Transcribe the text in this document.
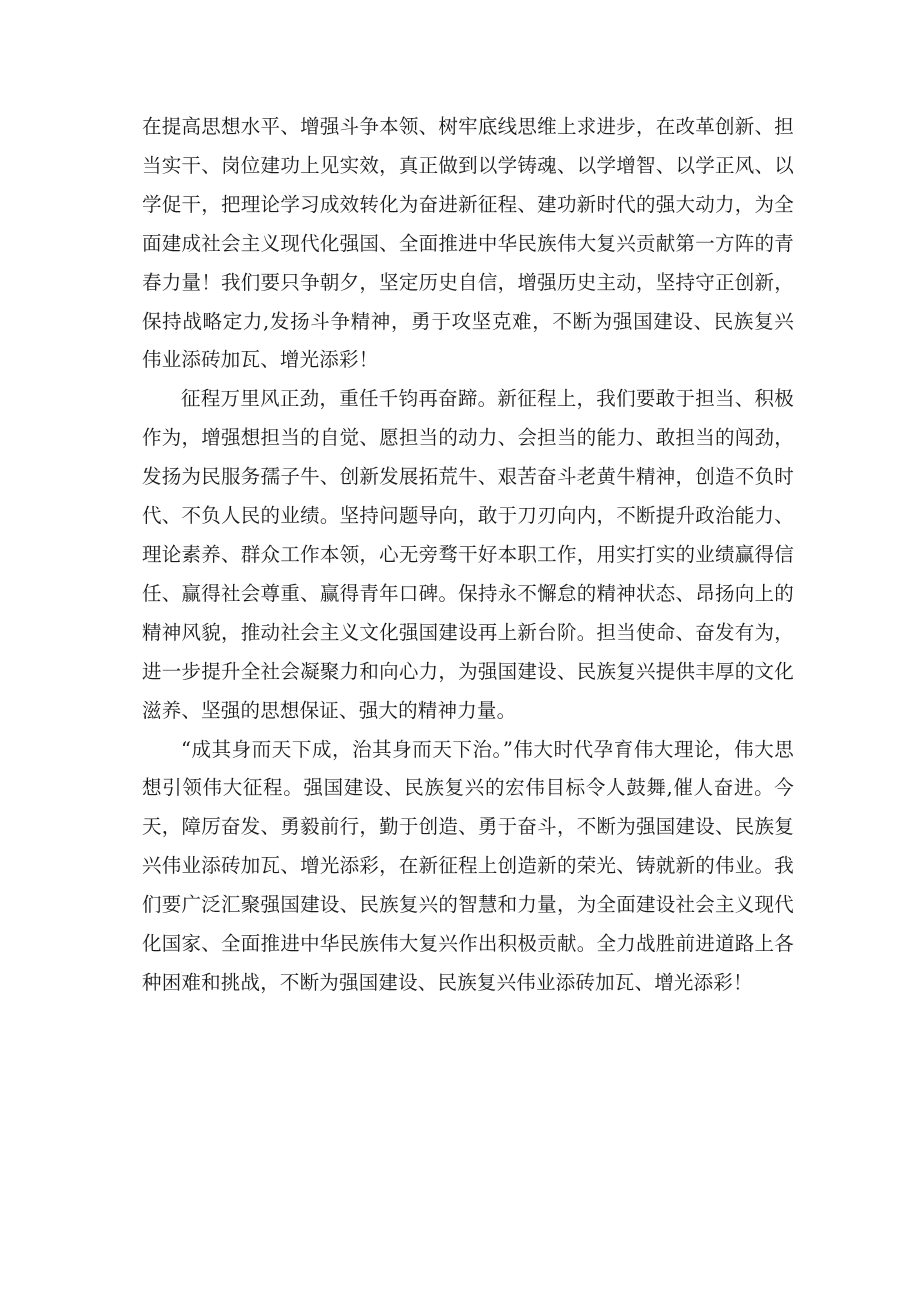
在提高思想水平、增强斗争本领、树牢底线思维上求进步，在改革创新、担当实干、岗位建功上见实效，真正做到以学铸魂、以学增智、以学正风、以学促干，把理论学习成效转化为奋进新征程、建功新时代的强大动力，为全面建成社会主义现代化强国、全面推进中华民族伟大复兴贡献第一方阵的青春力量！我们要只争朝夕，坚定历史自信，增强历史主动，坚持守正创新，保持战略定力,发扬斗争精神，勇于攻坚克难，不断为强国建设、民族复兴伟业添砖加瓦、增光添彩！

征程万里风正劲，重任千钧再奋蹄。新征程上，我们要敢于担当、积极作为，增强想担当的自觉、愿担当的动力、会担当的能力、敢担当的闯劲，发扬为民服务孺子牛、创新发展拓荒牛、艰苦奋斗老黄牛精神，创造不负时代、不负人民的业绩。坚持问题导向，敢于刀刃向内，不断提升政治能力、理论素养、群众工作本领，心无旁骛干好本职工作，用实打实的业绩赢得信任、赢得社会尊重、赢得青年口碑。保持永不懈怠的精神状态、昂扬向上的精神风貌，推动社会主义文化强国建设再上新台阶。担当使命、奋发有为，进一步提升全社会凝聚力和向心力，为强国建设、民族复兴提供丰厚的文化滋养、坚强的思想保证、强大的精神力量。

“成其身而天下成，治其身而天下治。”伟大时代孕育伟大理论，伟大思想引领伟大征程。强国建设、民族复兴的宏伟目标令人鼓舞,催人奋进。今天，障厉奋发、勇毅前行，勤于创造、勇于奋斗，不断为强国建设、民族复兴伟业添砖加瓦、增光添彩，在新征程上创造新的荣光、铸就新的伟业。我们要广泛汇聚强国建设、民族复兴的智慧和力量，为全面建设社会主义现代化国家、全面推进中华民族伟大复兴作出积极贡献。全力战胜前进道路上各种困难和挑战，不断为强国建设、民族复兴伟业添砖加瓦、增光添彩！
